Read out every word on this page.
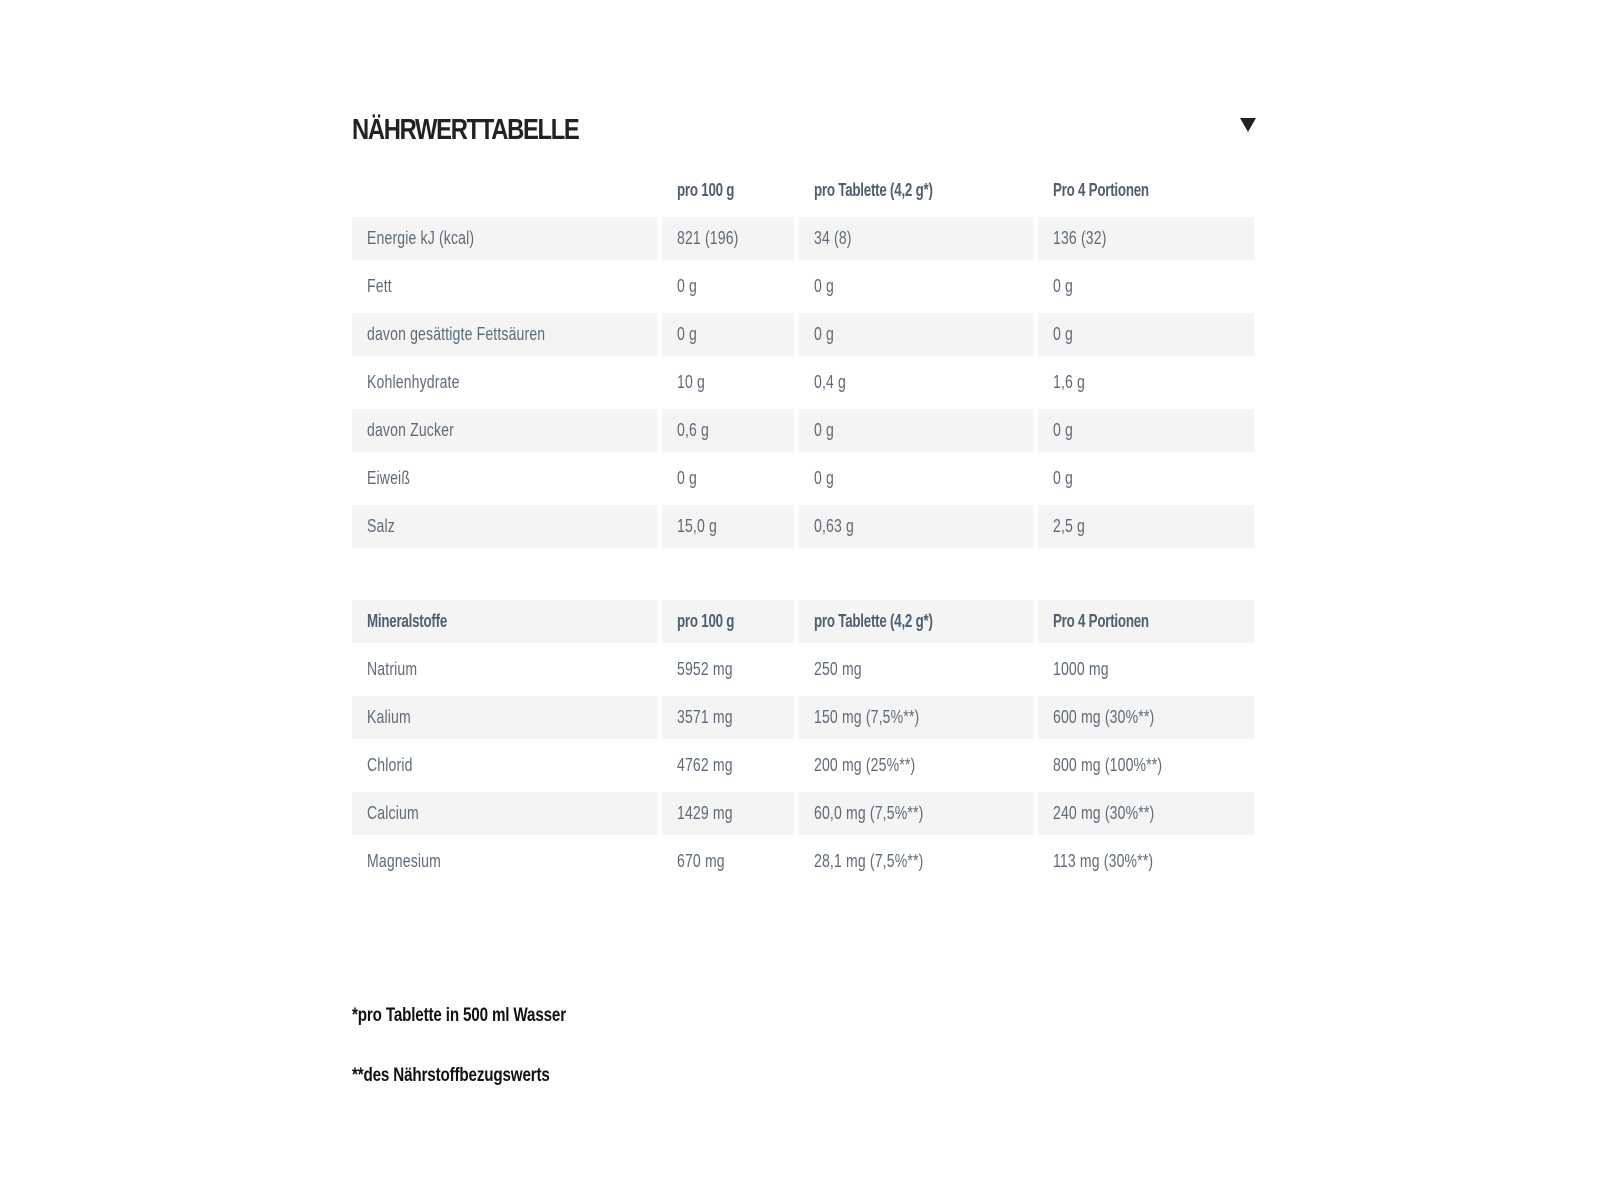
NÄHRWERTTABELLE
	pro 100 g	pro Tablette (4,2 g*)	Pro 4 Portionen
Energie kJ (kcal)	821 (196)	34 (8)	136 (32)
Fett	0 g	0 g	0 g
davon gesättigte Fettsäuren	0 g	0 g	0 g
Kohlenhydrate	10 g	0,4 g	1,6 g
davon Zucker	0,6 g	0 g	0 g
Eiweiß	0 g	0 g	0 g
Salz	15,0 g	0,63 g	2,5 g
Mineralstoffe	pro 100 g	pro Tablette (4,2 g*)	Pro 4 Portionen
Natrium	5952 mg	250 mg	1000 mg
Kalium	3571 mg	150 mg (7,5%**)	600 mg (30%**)
Chlorid	4762 mg	200 mg (25%**)	800 mg (100%**)
Calcium	1429 mg	60,0 mg (7,5%**)	240 mg (30%**)
Magnesium	670 mg	28,1 mg (7,5%**)	113 mg (30%**)

*pro Tablette in 500 ml Wasser

**des Nährstoffbezugswerts
